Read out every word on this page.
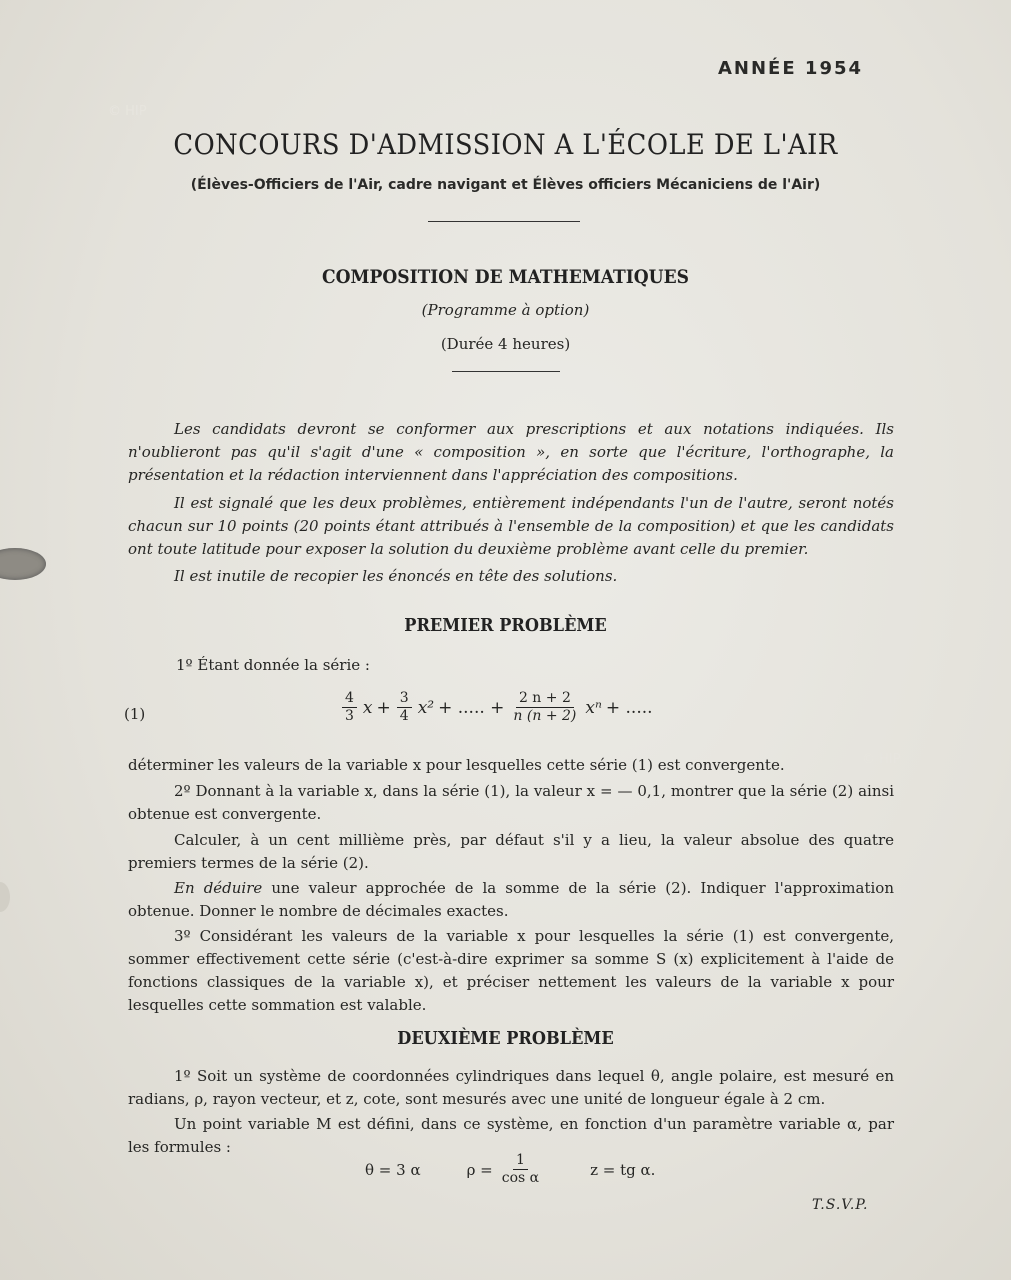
© HIP	© HIP
© HIP
ANNÉE 1954
CONCOURS D'ADMISSION A L'ÉCOLE DE L'AIR
(Élèves-Officiers de l'Air, cadre navigant et Élèves officiers Mécaniciens de l'Air)
COMPOSITION DE MATHEMATIQUES
(Programme à option)
(Durée 4 heures)
Les candidats devront se conformer aux prescriptions et aux notations indiquées. Ils n'oublieront pas qu'il s'agit d'une « composition », en sorte que l'écriture, l'orthographe, la présentation et la rédaction interviennent dans l'appréciation des compositions.
Il est signalé que les deux problèmes, entièrement indépendants l'un de l'autre, seront notés chacun sur 10 points (20 points étant attribués à l'ensemble de la composition) et que les candidats ont toute latitude pour exposer la solution du deuxième problème avant celle du premier.
Il est inutile de recopier les énoncés en tête des solutions.
PREMIER PROBLÈME
1º Étant donnée la série :
(1)	$\frac{4}{3}$ $x + \frac{3}{4} x^2$ + ..... + $\frac{2 n + 2}{n (n + 2)}$ xⁿ + .....
déterminer les valeurs de la variable x pour lesquelles cette série (1) est convergente.
2º Donnant à la variable x, dans la série (1), la valeur x = — 0,1, montrer que la série (2) ainsi obtenue est convergente.
Calculer, à un cent millième près, par défaut s'il y a lieu, la valeur absolue des quatre premiers termes de la série (2).
En déduire une valeur approchée de la somme de la série (2). Indiquer l'approximation obtenue. Donner le nombre de décimales exactes.
3º Considérant les valeurs de la variable x pour lesquelles la série (1) est convergente, sommer effectivement cette série (c'est-à-dire exprimer sa somme S (x) explicitement à l'aide de fonctions classiques de la variable x), et préciser nettement les valeurs de la variable x pour lesquelles cette sommation est valable.
DEUXIÈME PROBLÈME
1º Soit un système de coordonnées cylindriques dans lequel θ, angle polaire, est mesuré en radians, ρ, rayon vecteur, et z, cote, sont mesurés avec une unité de longueur égale à 2 cm.
Un point variable M est défini, dans ce système, en fonction d'un paramètre variable α, par les formules :
θ = 3 α	$\rho = \frac{1}{\text{cos α}}$	z = tg α.
T.S.V.P.
